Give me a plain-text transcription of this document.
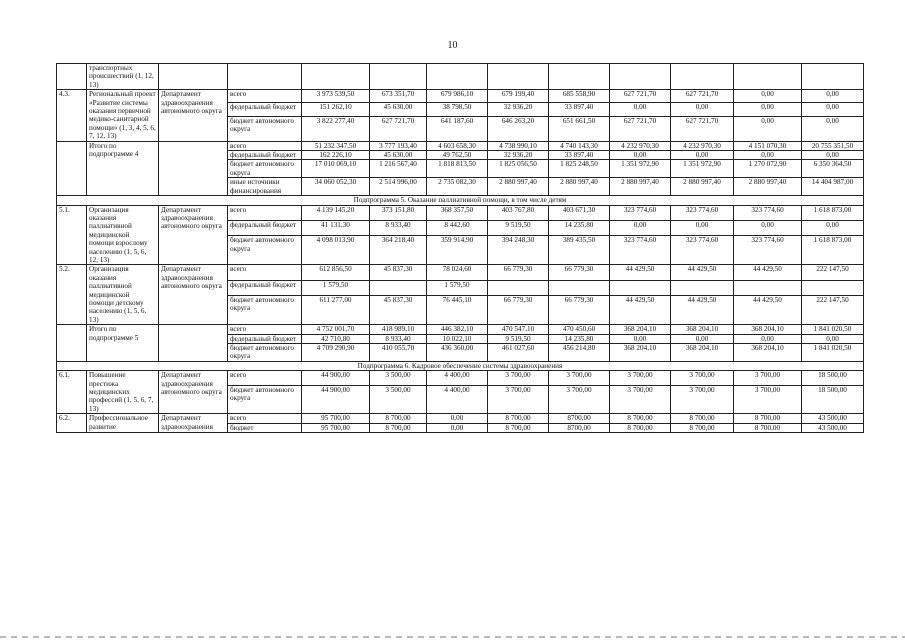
10
	транспортных происшествий (1, 12, 13)											
4.3.	Региональный проект «Развитие системы оказания первичной медико-санитарной помощи» (1, 3, 4, 5, 6, 7, 12, 13)	Департамент здравоохранения автономного округа	всего	3 973 539,50	673 351,70	679 986,10	679 199,40	685 558,90	627 721,70	627 721,70	0,00	0,00
			федеральный бюджет	151 262,10	45 630,00	38 798,50	32 936,20	33 897,40	0,00	0,00	0,00	0,00
			бюджет автономного округа	3 822 277,40	627 721,70	641 187,60	646 263,20	651 661,50	627 721,70	627 721,70	0,00	0,00
	Итого по подпрограмме 4		всего	51 232 347,50	3 777 193,40	4 603 658,30	4 738 990,10	4 740 143,30	4 232 970,30	4 232 970,30	4 151 070,30	20 755 351,50
			федеральный бюджет	162 226,10	45 630,00	49 762,50	32 936,20	33 897,40	0,00	0,00	0,00	0,00
			бюджет автономного округа	17 010 069,10	1 216 567,40	1 818 813,50	1 825 056,50	1 825 248,50	1 351 972,90	1 351 972,90	1 270 072,90	6 350 364,50
			иные источники финансирования	34 060 052,30	2 514 996,00	2 735 082,30	2 880 997,40	2 880 997,40	2 880 997,40	2 880 997,40	2 880 997,40	14 404 987,00
Подпрограмма 5. Оказание паллиативной помощи, в том числе детям												
5.1.	Организация оказания паллиативной медицинской помощи взрослому населению (1, 5, 6, 12, 13)	Департамент здравоохранения автономного округа	всего	4 139 145,20	373 151,80	368 357,50	403 767,80	403 671,30	323 774,60	323 774,60	323 774,60	1 618 873,00
			федеральный бюджет	41 131,30	8 933,40	8 442,60	9 519,50	14 235,80	0,00	0,00	0,00	0,00
			бюджет автономного округа	4 098 013,90	364 218,40	359 914,90	394 248,30	389 435,50	323 774,60	323 774,60	323 774,60	1 618 873,00
5.2.	Организация оказания паллиативной медицинской помощи детскому населению (1, 5, 6, 13)	Департамент здравоохранения автономного округа	всего	612 856,50	45 837,30	78 024,60	66 779,30	66 779,30	44 429,50	44 429,50	44 429,50	222 147,50
			федеральный бюджет	1 579,50		1 579,50						
			бюджет автономного округа	611 277,00	45 837,30	76 445,10	66 779,30	66 779,30	44 429,50	44 429,50	44 429,50	222 147,50
	Итого по подпрограмме 5		всего	4 752 001,70	418 989,10	446 382,10	470 547,10	470 450,60	368 204,10	368 204,10	368 204,10	1 841 020,50
			федеральный бюджет	42 710,80	8 933,40	10 022,10	9 519,50	14 235,80	0,00	0,00	0,00	0,00
			бюджет автономного округа	4 709 290,90	410 055,70	436 360,00	461 027,60	456 214,80	368 204,10	368 204,10	368 204,10	1 841 020,50
Подпрограмма 6. Кадровое обеспечение системы здравоохранения												
6.1.	Повышение престижа медицинских профессий (1, 5, 6, 7, 13)	Департамент здравоохранения автономного округа	всего	44 900,00	3 500,00	4 400,00	3 700,00	3 700,00	3 700,00	3 700,00	3 700,00	18 500,00
			бюджет автономного округа	44 900,00	3 500,00	4 400,00	3 700,00	3 700,00	3 700,00	3 700,00	3 700,00	18 500,00
6.2.	Профессиональное развитие	Департамент здравоохранения	всего	95 700,00	8 700,00	0,00	8 700,00	8700,00	8 700,00	8 700,00	8 700,00	43 500,00
			бюджет	95 700,00	8 700,00	0,00	8 700,00	8700,00	8 700,00	8 700,00	8 700,00	43 500,00
